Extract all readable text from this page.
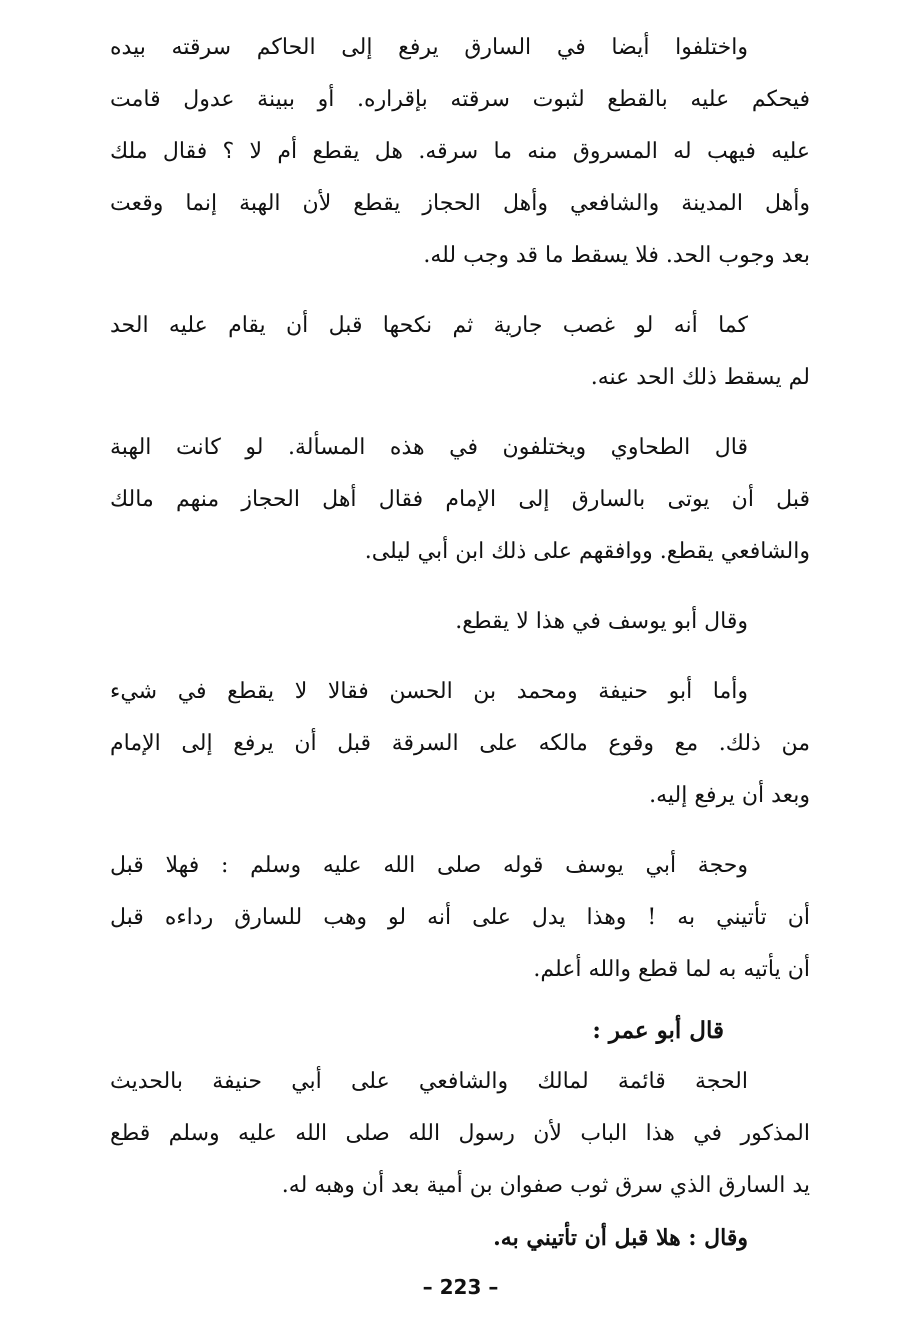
واختلفوا أيضا في السارق يرفع إلى الحاكم سرقته بيده
فيحكم عليه بالقطع لثبوت سرقته بإقراره. أو ببينة عدول قامت
عليه فيهب له المسروق منه ما سرقه. هل يقطع أم لا ؟ فقال ملك
وأهل المدينة والشافعي وأهل الحجاز يقطع لأن الهبة إنما وقعت
بعد وجوب الحد. فلا يسقط ما قد وجب لله.
كما أنه لو غصب جارية ثم نكحها قبل أن يقام عليه الحد
لم يسقط ذلك الحد عنه.
قال الطحاوي ويختلفون في هذه المسألة. لو كانت الهبة
قبل أن يوتى بالسارق إلى الإمام فقال أهل الحجاز منهم مالك
والشافعي يقطع. ووافقهم على ذلك ابن أبي ليلى.
وقال أبو يوسف في هذا لا يقطع.
وأما أبو حنيفة ومحمد بن الحسن فقالا لا يقطع في شيء
من ذلك. مع وقوع مالكه على السرقة قبل أن يرفع إلى الإمام
وبعد أن يرفع إليه.
وحجة أبي يوسف قوله صلى الله عليه وسلم : فهلا قبل
أن تأتيني به ! وهذا يدل على أنه لو وهب للسارق رداءه قبل
أن يأتيه به لما قطع والله أعلم.
قال أبو عمر :
الحجة قائمة لمالك والشافعي على أبي حنيفة بالحديث
المذكور في هذا الباب لأن رسول الله صلى الله عليه وسلم قطع
يد السارق الذي سرق ثوب صفوان بن أمية بعد أن وهبه له.
وقال : هلا قبل أن تأتيني به.
– 223 –
